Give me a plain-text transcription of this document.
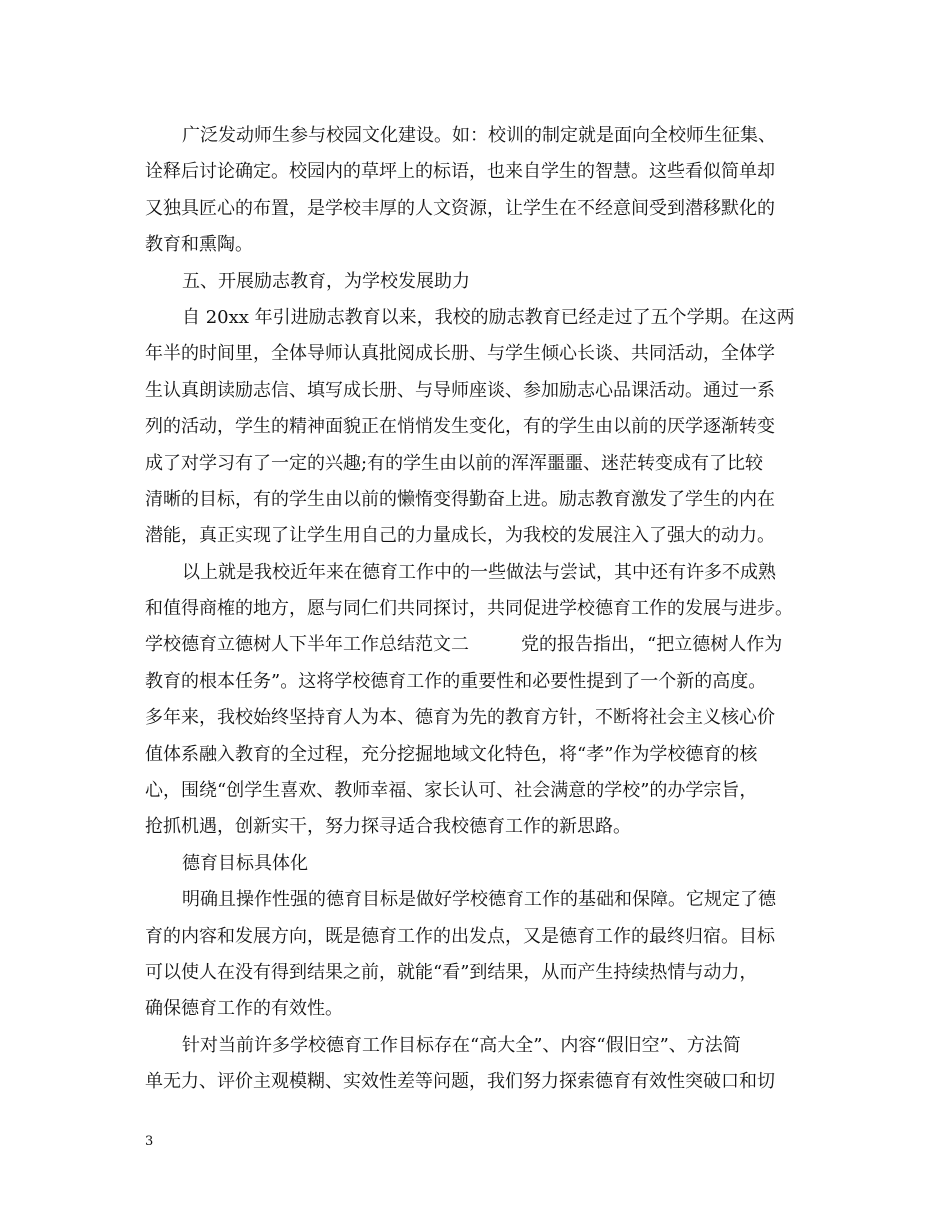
广泛发动师生参与校园文化建设。如：校训的制定就是面向全校师生征集、
诠释后讨论确定。校园内的草坪上的标语，也来自学生的智慧。这些看似简单却
又独具匠心的布置，是学校丰厚的人文资源，让学生在不经意间受到潜移默化的
教育和熏陶。
五、开展励志教育，为学校发展助力
自 20xx 年引进励志教育以来，我校的励志教育已经走过了五个学期。在这两
年半的时间里，全体导师认真批阅成长册、与学生倾心长谈、共同活动，全体学
生认真朗读励志信、填写成长册、与导师座谈、参加励志心品课活动。通过一系
列的活动，学生的精神面貌正在悄悄发生变化，有的学生由以前的厌学逐渐转变
成了对学习有了一定的兴趣;有的学生由以前的浑浑噩噩、迷茫转变成有了比较
清晰的目标，有的学生由以前的懒惰变得勤奋上进。励志教育激发了学生的内在
潜能，真正实现了让学生用自己的力量成长，为我校的发展注入了强大的动力。
以上就是我校近年来在德育工作中的一些做法与尝试，其中还有许多不成熟
和值得商榷的地方，愿与同仁们共同探讨，共同促进学校德育工作的发展与进步。
学校德育立德树人下半年工作总结范文二	党的报告指出，“把立德树人作为
教育的根本任务”。这将学校德育工作的重要性和必要性提到了一个新的高度。
多年来，我校始终坚持育人为本、德育为先的教育方针，不断将社会主义核心价
值体系融入教育的全过程，充分挖掘地域文化特色，将“孝”作为学校德育的核
心，围绕“创学生喜欢、教师幸福、家长认可、社会满意的学校”的办学宗旨，
抢抓机遇，创新实干，努力探寻适合我校德育工作的新思路。
德育目标具体化
明确且操作性强的德育目标是做好学校德育工作的基础和保障。它规定了德
育的内容和发展方向，既是德育工作的出发点，又是德育工作的最终归宿。目标
可以使人在没有得到结果之前，就能“看”到结果，从而产生持续热情与动力，
确保德育工作的有效性。
针对当前许多学校德育工作目标存在“高大全”、内容“假旧空”、方法简
单无力、评价主观模糊、实效性差等问题，我们努力探索德育有效性突破口和切
3
